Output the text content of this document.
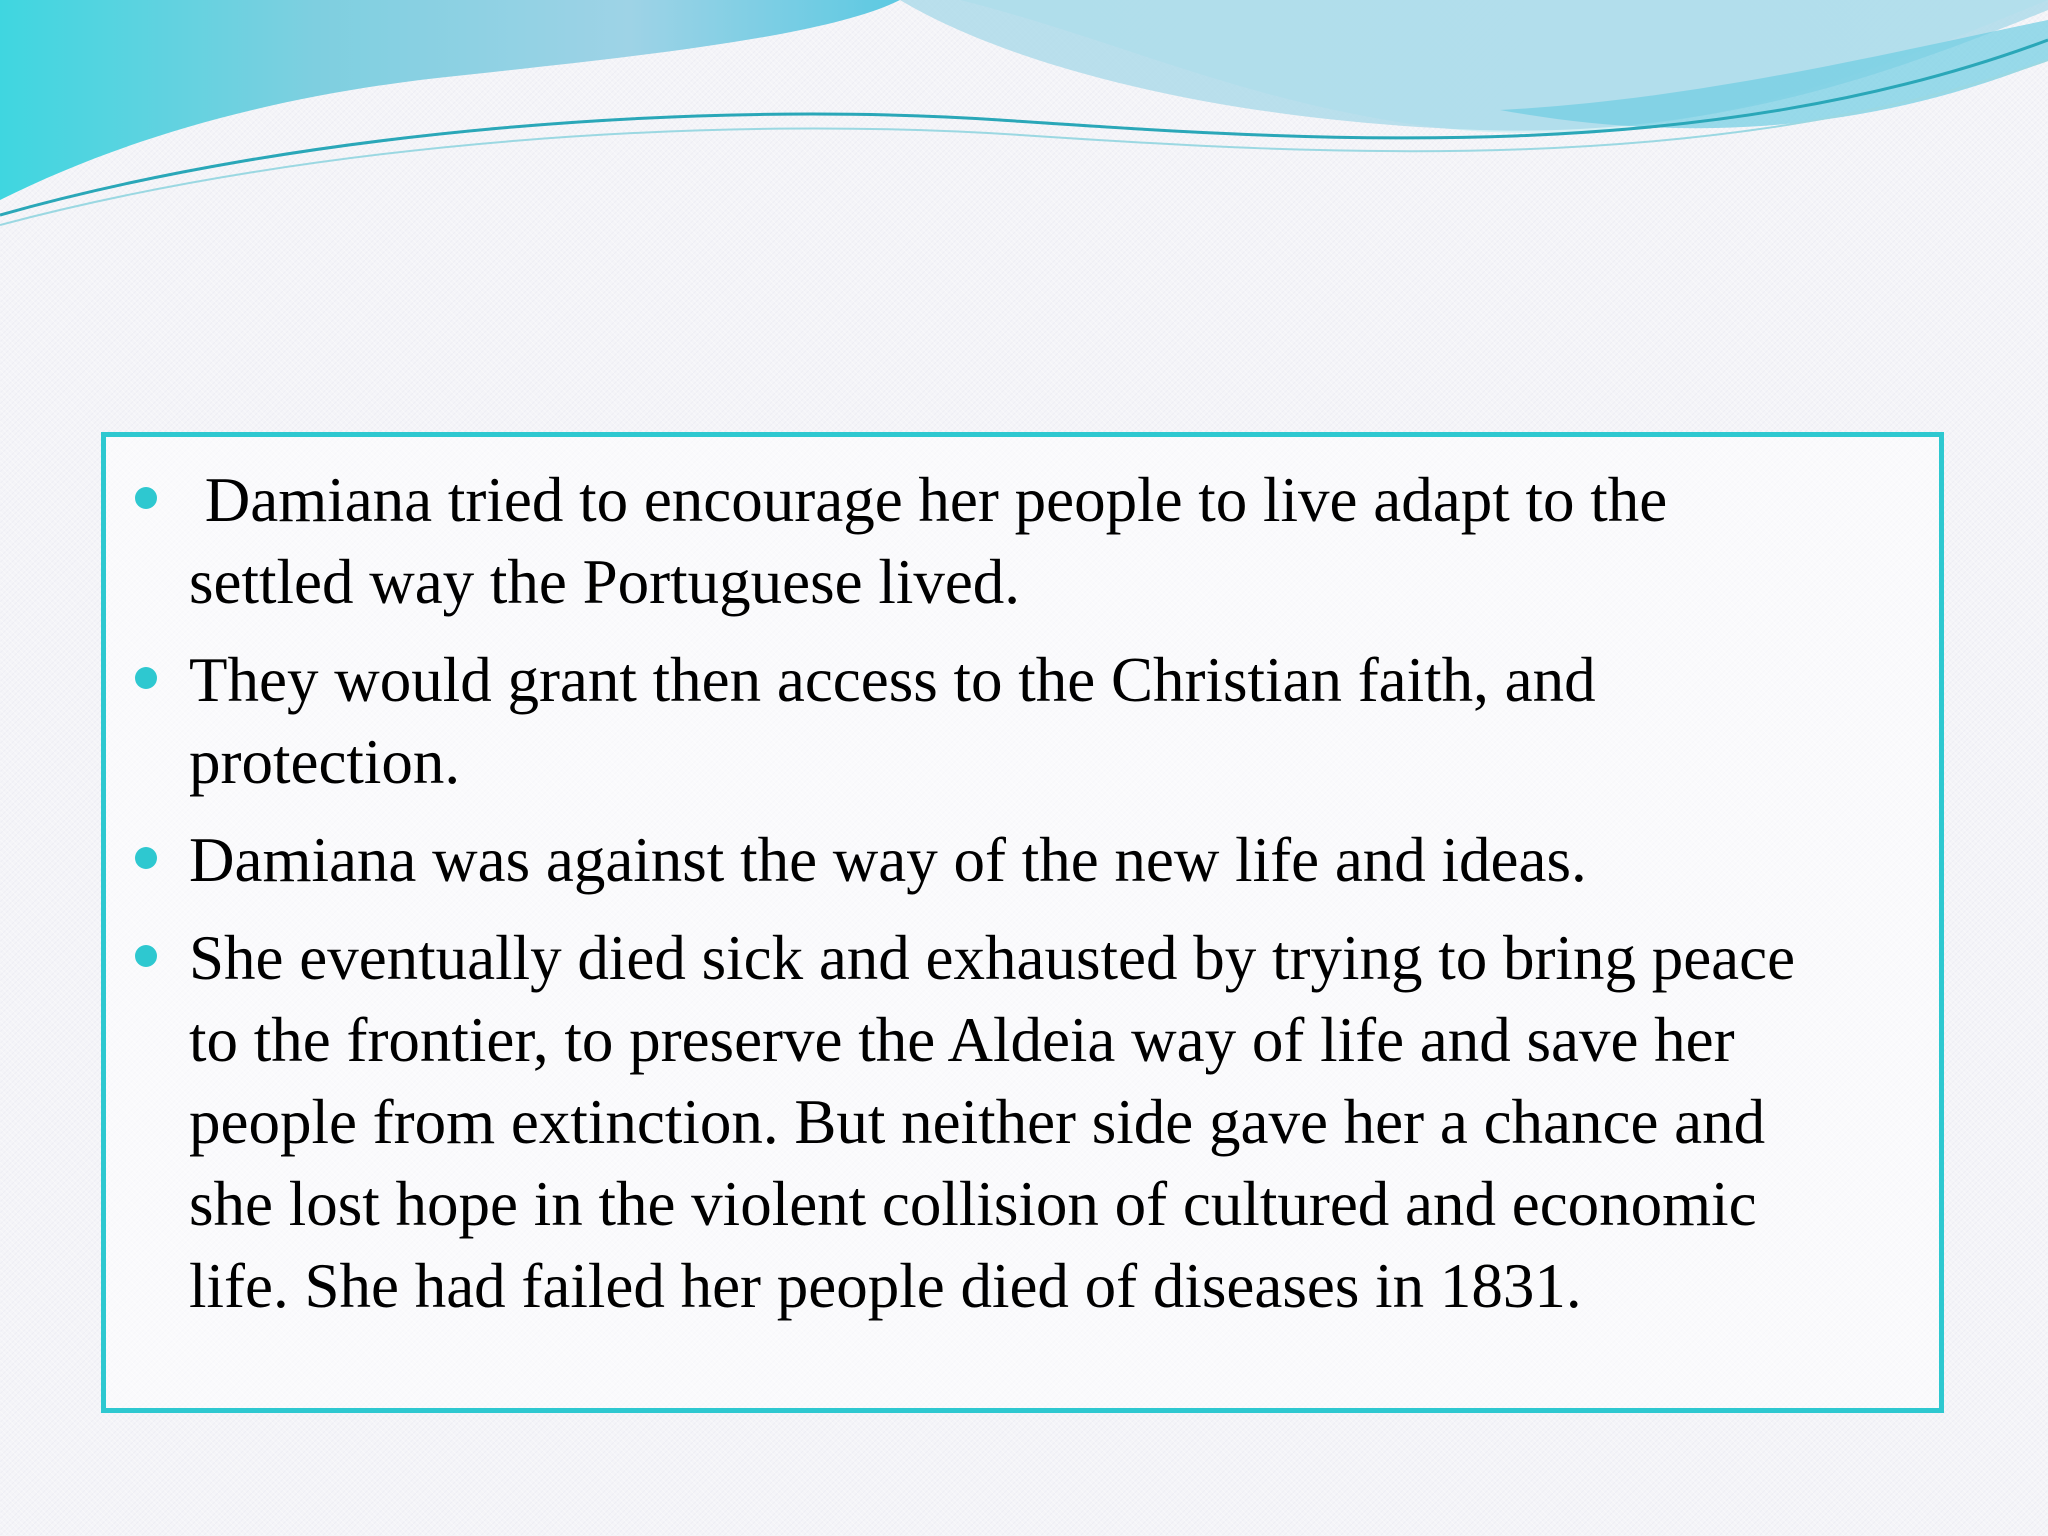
Damiana tried to encourage her people to live adapt to the
settled way the Portuguese lived.
They would grant then access to the Christian faith, and
protection.
Damiana was against the way of the new life and ideas.
She eventually died sick and exhausted by trying to bring peace
to the frontier, to preserve the Aldeia way of life and save her
people from extinction. But neither side gave her a chance and
she lost hope in the violent collision of cultured and economic
life. She had failed her people died of diseases in 1831.
